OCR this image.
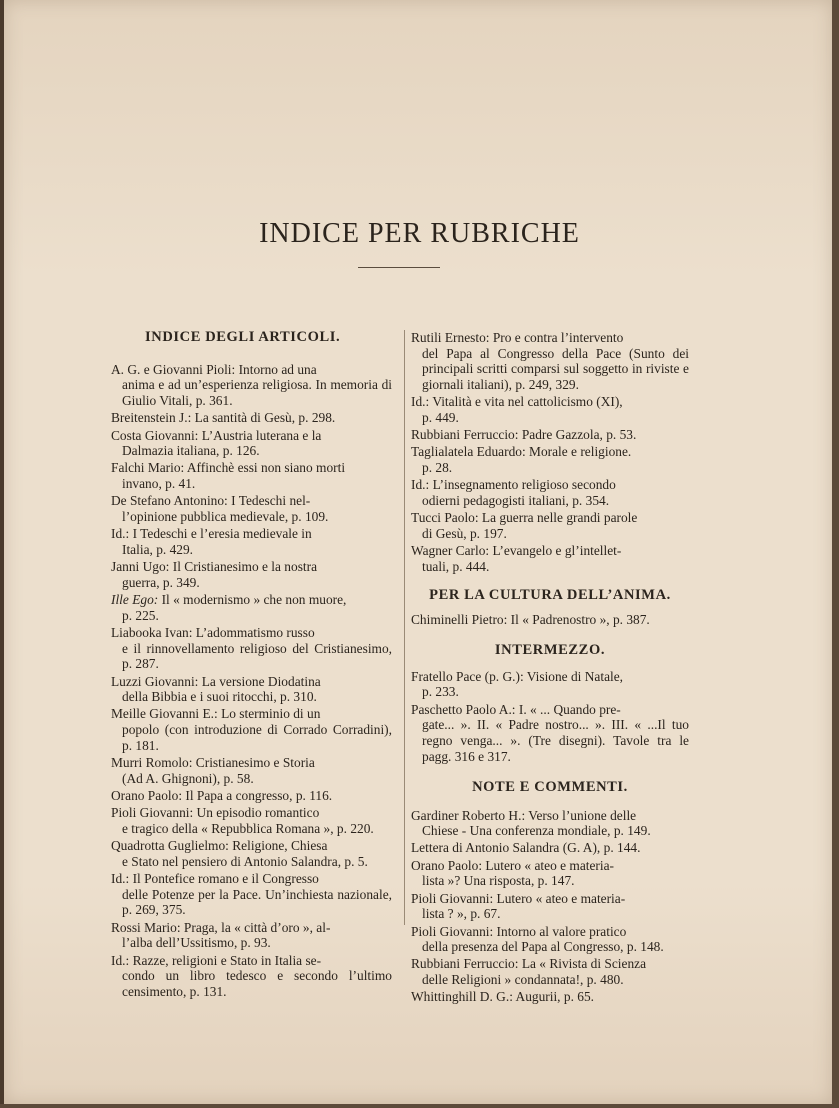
INDICE PER RUBRICHE
INDICE DEGLI ARTICOLI.

A. G. e Giovanni Pioli: Intorno ad una
anima e ad un’esperienza religiosa. In memoria di Giulio Vitali, p. 361.

Breitenstein J.: La santità di Gesù, p. 298.

Costa Giovanni: L’Austria luterana e la
Dalmazia italiana, p. 126.

Falchi Mario: Affinchè essi non siano morti
invano, p. 41.

De Stefano Antonino: I Tedeschi nel-
l’opinione pubblica medievale, p. 109.

Id.: I Tedeschi e l’eresia medievale in
Italia, p. 429.

Janni Ugo: Il Cristianesimo e la nostra
guerra, p. 349.

Ille Ego: Il « modernismo » che non muore,
p. 225.

Liabooka Ivan: L’adommatismo russo
e il rinnovellamento religioso del Cristianesimo, p. 287.

Luzzi Giovanni: La versione Diodatina
della Bibbia e i suoi ritocchi, p. 310.

Meille Giovanni E.: Lo sterminio di un
popolo (con introduzione di Corrado Corradini), p. 181.

Murri Romolo: Cristianesimo e Storia
(Ad A. Ghignoni), p. 58.

Orano Paolo: Il Papa a congresso, p. 116.

Pioli Giovanni: Un episodio romantico
e tragico della « Repubblica Romana », p. 220.

Quadrotta Guglielmo: Religione, Chiesa
e Stato nel pensiero di Antonio Salandra, p. 5.

Id.: Il Pontefice romano e il Congresso
delle Potenze per la Pace. Un’inchiesta nazionale, p. 269, 375.

Rossi Mario: Praga, la « città d’oro », al-
l’alba dell’Ussitismo, p. 93.

Id.: Razze, religioni e Stato in Italia se-
condo un libro tedesco e secondo l’ultimo censimento, p. 131.

Rutili Ernesto: Pro e contra l’intervento
del Papa al Congresso della Pace (Sunto dei principali scritti comparsi sul soggetto in riviste e giornali italiani), p. 249, 329.

Id.: Vitalità e vita nel cattolicismo (XI),
p. 449.

Rubbiani Ferruccio: Padre Gazzola, p. 53.

Taglialatela Eduardo: Morale e religione.
p. 28.

Id.: L’insegnamento religioso secondo
odierni pedagogisti italiani, p. 354.

Tucci Paolo: La guerra nelle grandi parole
di Gesù, p. 197.

Wagner Carlo: L’evangelo e gl’intellet-
tuali, p. 444.

PER LA CULTURA DELL’ANIMA.

Chiminelli Pietro: Il « Padrenostro », p. 387.

INTERMEZZO.

Fratello Pace (p. G.): Visione di Natale,
p. 233.

Paschetto Paolo A.: I. « ... Quando pre-
gate... ». II. « Padre nostro... ». III. « ...Il tuo regno venga... ». (Tre disegni). Tavole tra le pagg. 316 e 317.

NOTE E COMMENTI.

Gardiner Roberto H.: Verso l’unione delle
Chiese - Una conferenza mondiale, p. 149.

Lettera di Antonio Salandra (G. A), p. 144.

Orano Paolo: Lutero « ateo e materia-
lista »? Una risposta, p. 147.

Pioli Giovanni: Lutero « ateo e materia-
lista ? », p. 67.

Pioli Giovanni: Intorno al valore pratico
della presenza del Papa al Congresso, p. 148.

Rubbiani Ferruccio: La « Rivista di Scienza
delle Religioni » condannata!, p. 480.

Whittinghill D. G.: Augurii, p. 65.
